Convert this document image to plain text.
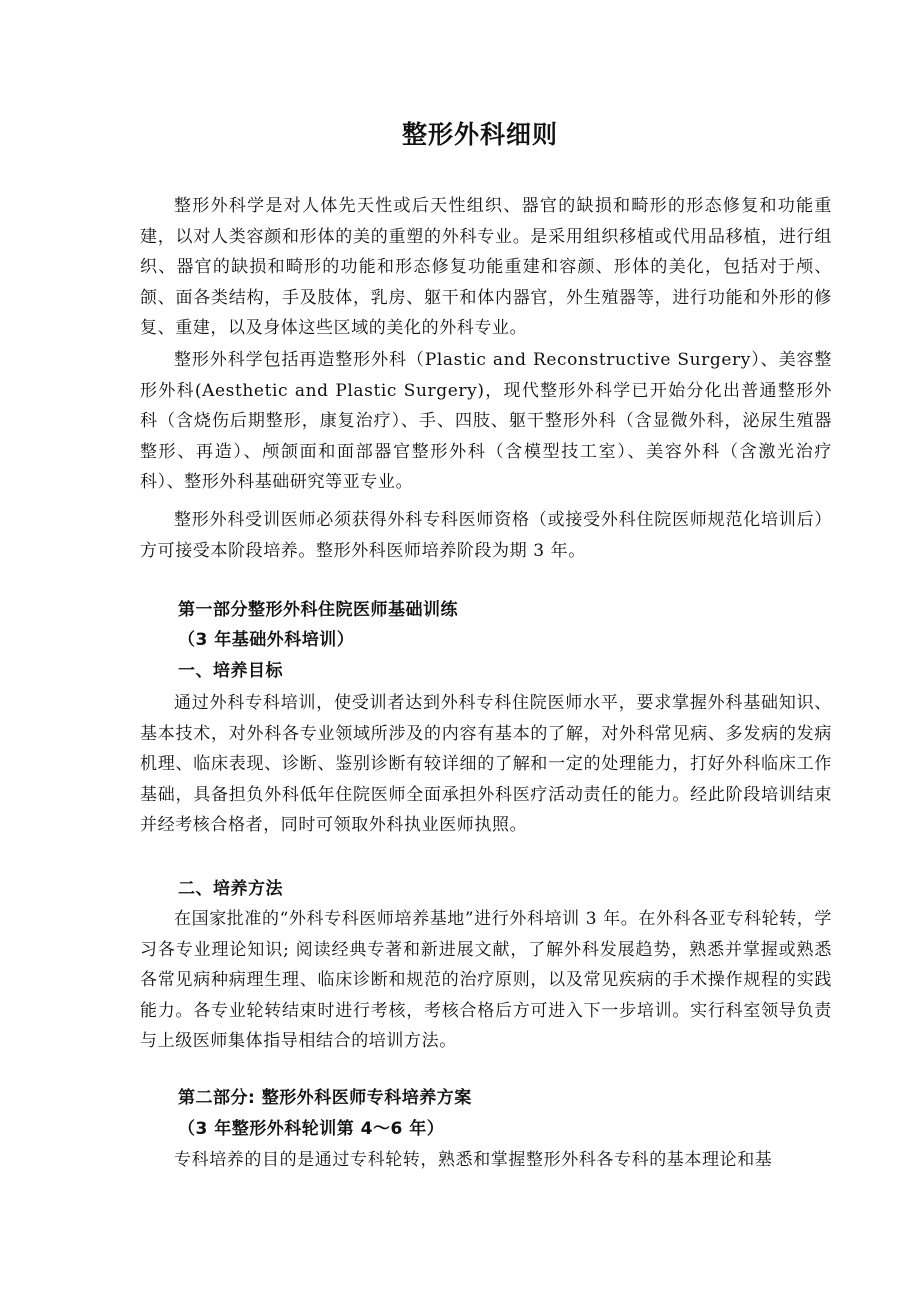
整形外科细则

整形外科学是对人体先天性或后天性组织、器官的缺损和畸形的形态修复和功能重建，以对人类容颜和形体的美的重塑的外科专业。是采用组织移植或代用品移植，进行组织、器官的缺损和畸形的功能和形态修复功能重建和容颜、形体的美化，包括对于颅、颌、面各类结构，手及肢体，乳房、躯干和体内器官，外生殖器等，进行功能和外形的修复、重建，以及身体这些区域的美化的外科专业。

整形外科学包括再造整形外科（Plastic and Reconstructive Surgery）、美容整形外科(Aesthetic and Plastic Surgery)，现代整形外科学已开始分化出普通整形外科（含烧伤后期整形，康复治疗）、手、四肢、躯干整形外科（含显微外科，泌尿生殖器整形、再造）、颅颌面和面部器官整形外科（含模型技工室）、美容外科（含激光治疗科）、整形外科基础研究等亚专业。

整形外科受训医师必须获得外科专科医师资格（或接受外科住院医师规范化培训后）方可接受本阶段培养。整形外科医师培养阶段为期 3 年。

第一部分整形外科住院医师基础训练
（3 年基础外科培训）
一、培养目标

通过外科专科培训，使受训者达到外科专科住院医师水平，要求掌握外科基础知识、基本技术，对外科各专业领域所涉及的内容有基本的了解，对外科常见病、多发病的发病机理、临床表现、诊断、鉴别诊断有较详细的了解和一定的处理能力，打好外科临床工作基础，具备担负外科低年住院医师全面承担外科医疗活动责任的能力。经此阶段培训结束并经考核合格者，同时可领取外科执业医师执照。

二、培养方法

在国家批准的“外科专科医师培养基地”进行外科培训 3 年。在外科各亚专科轮转，学习各专业理论知识; 阅读经典专著和新进展文献，了解外科发展趋势，熟悉并掌握或熟悉各常见病种病理生理、临床诊断和规范的治疗原则，以及常见疾病的手术操作规程的实践能力。各专业轮转结束时进行考核，考核合格后方可进入下一步培训。实行科室领导负责与上级医师集体指导相结合的培训方法。

第二部分: 整形外科医师专科培养方案
（3 年整形外科轮训第 4～6 年）

专科培养的目的是通过专科轮转，熟悉和掌握整形外科各专科的基本理论和基
